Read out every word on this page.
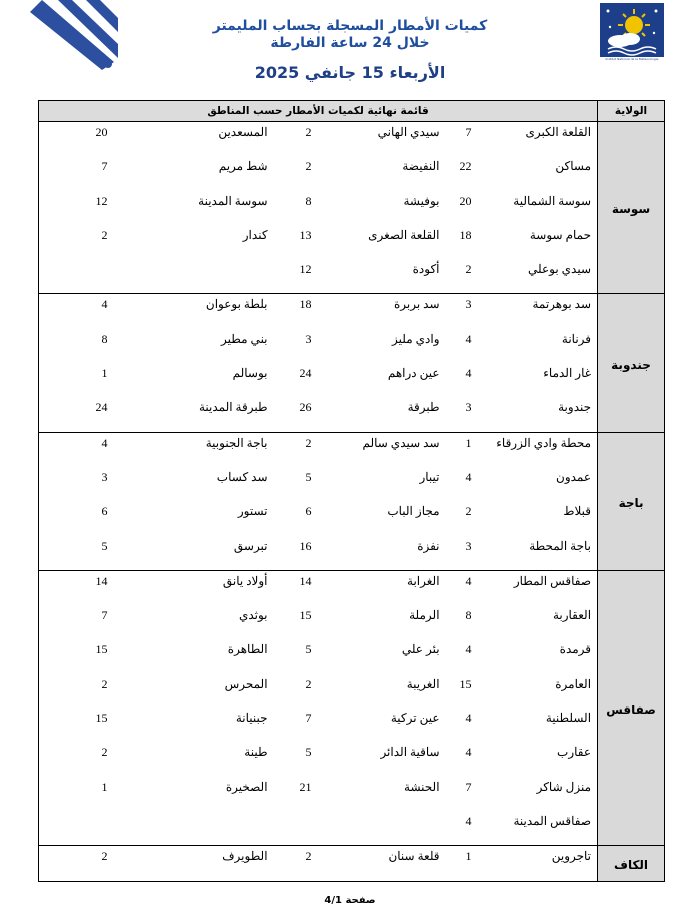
Institut National de la Météorologie
كميات الأمطار المسجلة بحساب المليمتر
خلال 24 ساعة الفارطة
الأربعاء 15 جانفي 2025
الولاية	قائمة نهائية لكميات الأمطار حسب المناطق					
سوسة	القلعة الكبرى	7	سيدي الهاني	2	المسعدين	20
	مساكن	22	النفيضة	2	شط مريم	7
	سوسة الشمالية	20	بوفيشة	8	سوسة المدينة	12
	حمام سوسة	18	القلعة الصغرى	13	كندار	2
	سيدي بوعلي	2	أكودة	12		
جندوبة	سد بوهرتمة	3	سد بربرة	18	بلطة بوعوان	4
	فرنانة	4	وادي مليز	3	بني مطير	8
	غار الدماء	4	عين دراهم	24	بوسالم	1
	جندوبة	3	طبرقة	26	طبرقة المدينة	24
باجة	محطة وادي الزرقاء	1	سد سيدي سالم	2	باجة الجنوبية	4
	عمدون	4	تيبار	5	سد كساب	3
	قبلاط	2	مجاز الباب	6	تستور	6
	باجة المحطة	3	نفزة	16	تبرسق	5
صفاقس	صفاقس المطار	4	الغرابة	14	أولاد يانق	14
	العقاربة	8	الرملة	15	بوثدي	7
	قرمدة	4	بئر علي	5	الطاهرة	15
	العامرة	15	الغريبة	2	المحرس	2
	السلطنية	4	عين تركية	7	جبنيانة	15
	عقارب	4	ساقية الدائر	5	طينة	2
	منزل شاكر	7	الحنشة	21	الصخيرة	1
	صفاقس المدينة	4				
الكاف	تاجروين	1	قلعة سنان	2	الطويرف	2
صفحة 4/1
